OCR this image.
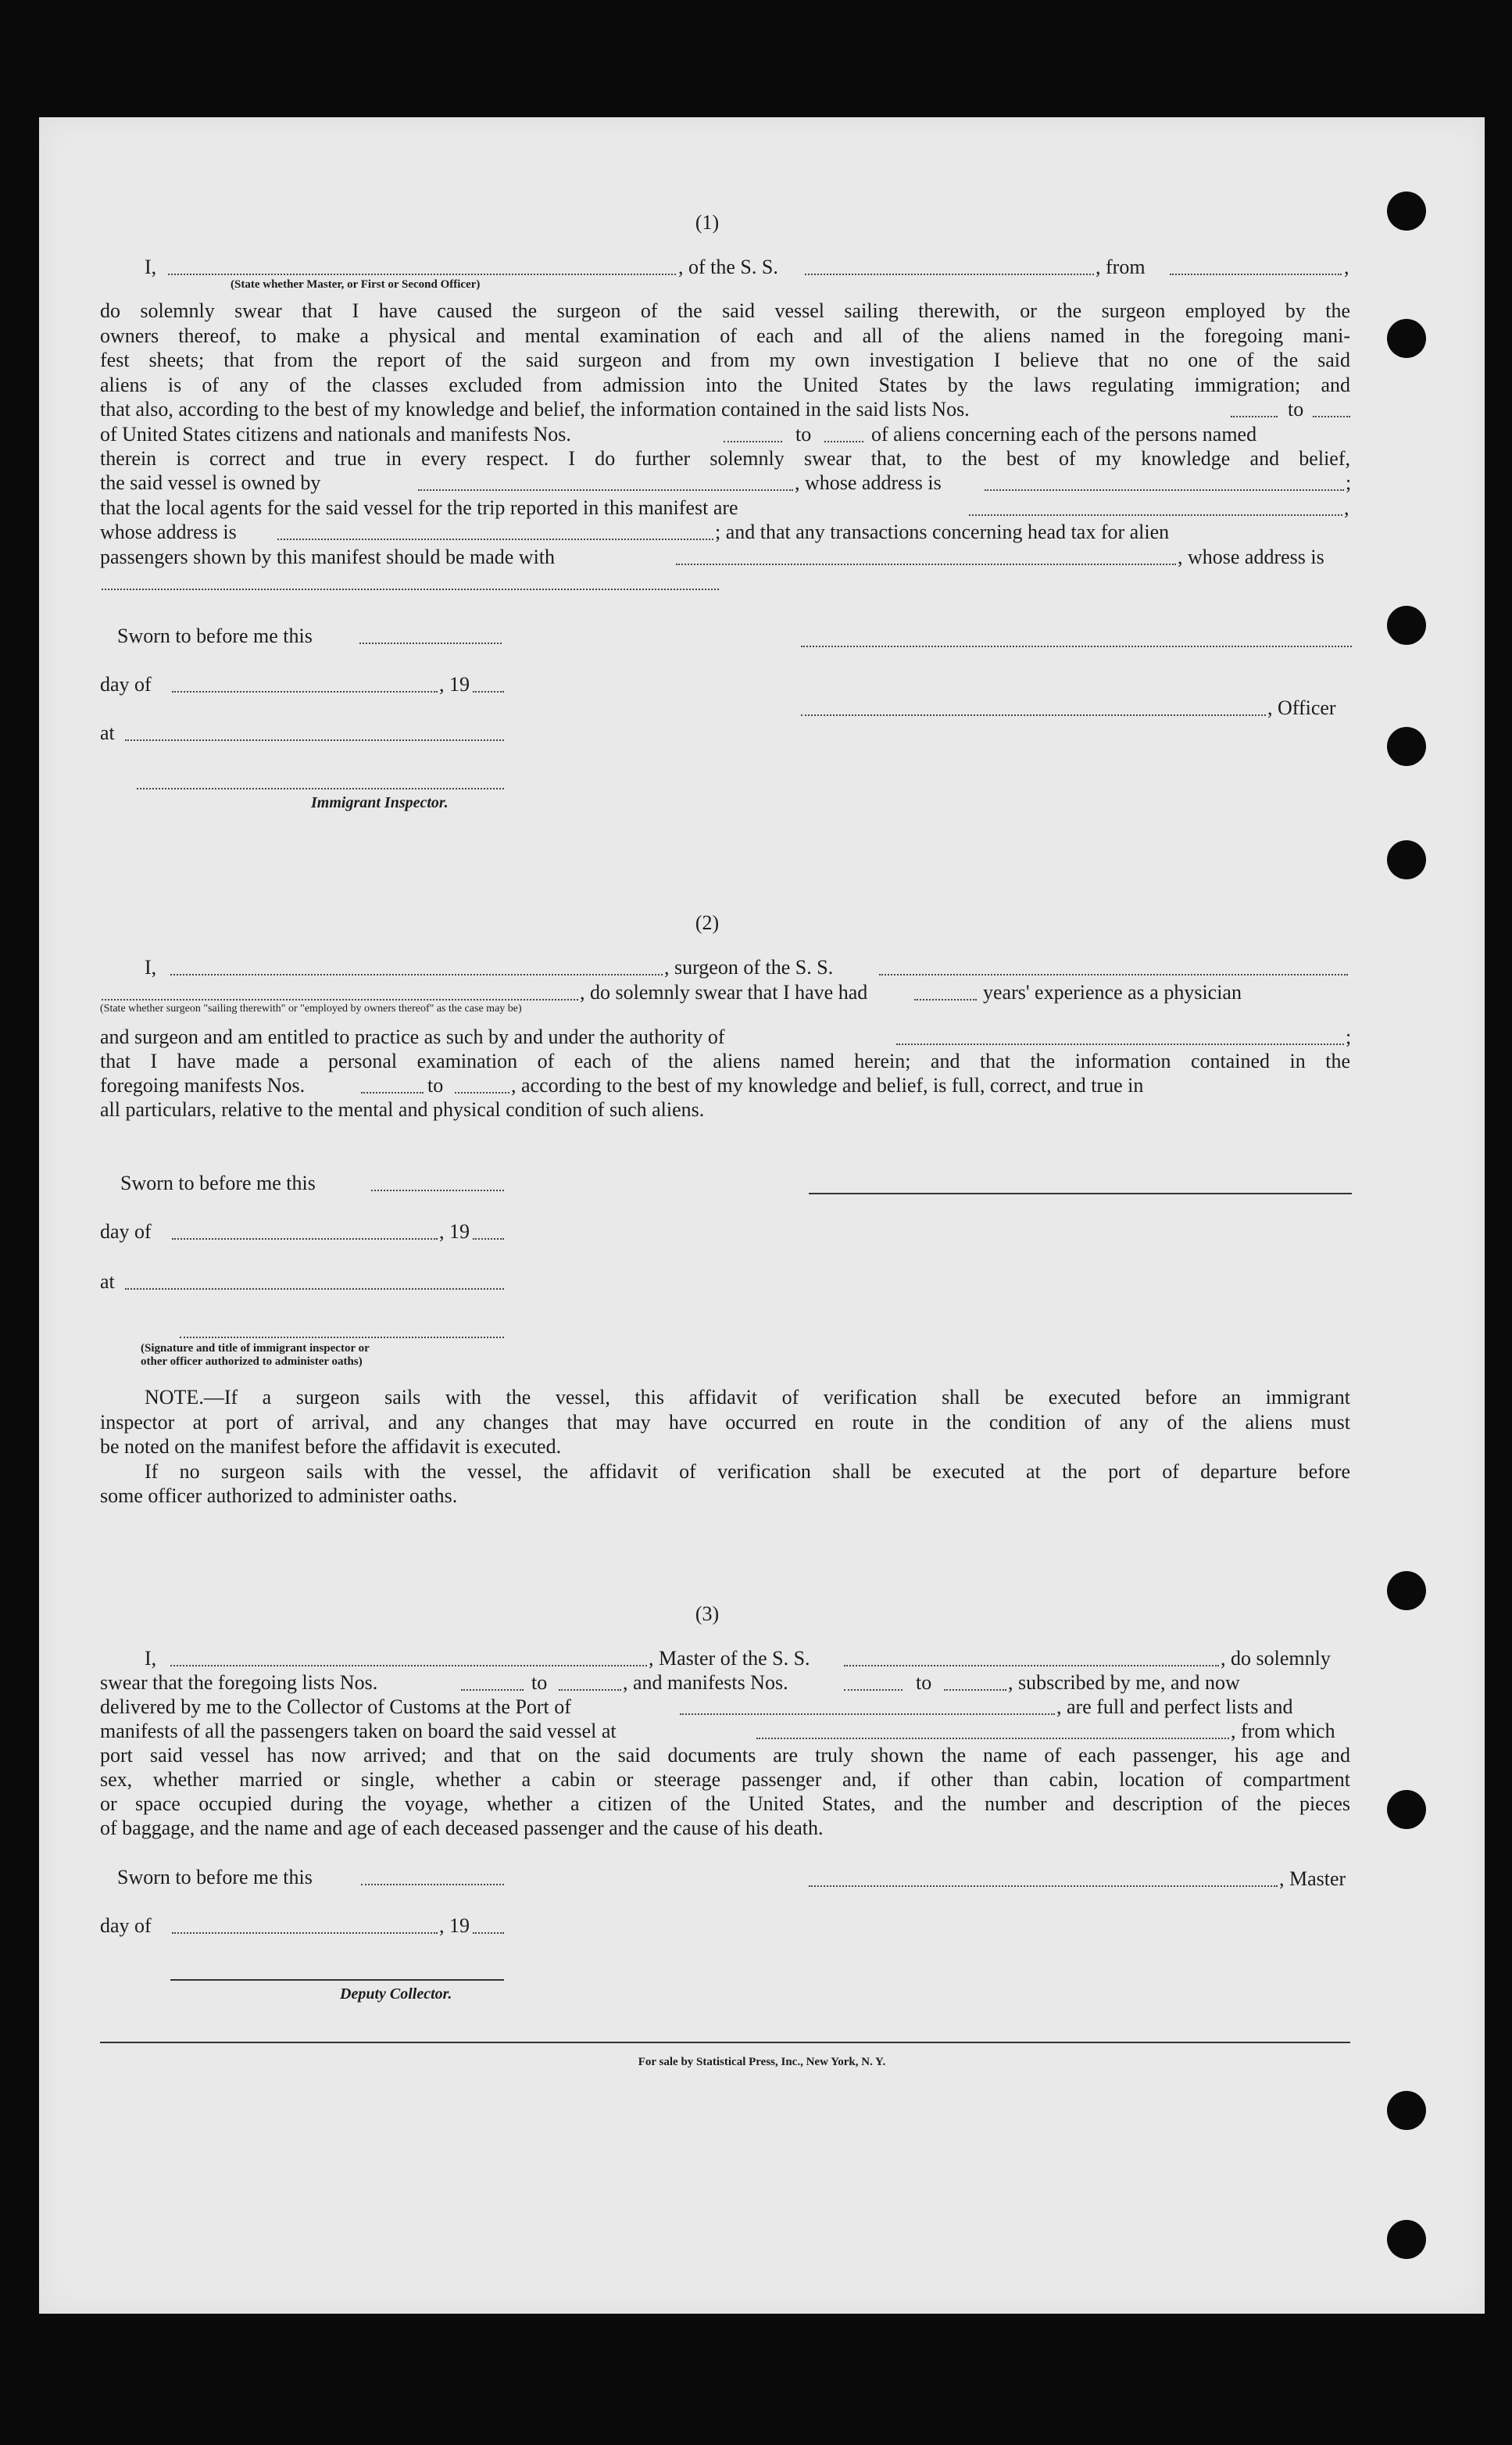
(1)
I,	, of the S. S.	, from	,
(State whether Master, or First or Second Officer)
do solemnly swear that I have caused the surgeon of the said vessel sailing therewith, or the surgeon employed by the
owners thereof, to make a physical and mental examination of each and all of the aliens named in the foregoing mani-
fest sheets; that from the report of the said surgeon and from my own investigation I believe that no one of the said
aliens is of any of the classes excluded from admission into the United States by the laws regulating immigration; and
that also, according to the best of my knowledge and belief, the information contained in the said lists Nos.	to
of United States citizens and nationals and manifests Nos.	to	of aliens concerning each of the persons named
therein is correct and true in every respect. I do further solemnly swear that, to the best of my knowledge and belief,
the said vessel is owned by	, whose address is	;
that the local agents for the said vessel for the trip reported in this manifest are	,
whose address is	; and that any transactions concerning head tax for alien
passengers shown by this manifest should be made with	, whose address is
Sworn to before me this
day of	, 19
, Officer
at
Immigrant Inspector.
(2)
I,	, surgeon of the S. S.
, do solemnly swear that I have had	years' experience as a physician
(State whether surgeon "sailing therewith" or "employed by owners thereof" as the case may be)
and surgeon and am entitled to practice as such by and under the authority of	;
that I have made a personal examination of each of the aliens named herein; and that the information contained in the
foregoing manifests Nos.	to	, according to the best of my knowledge and belief, is full, correct, and true in
all particulars, relative to the mental and physical condition of such aliens.
Sworn to before me this
day of	, 19
at
(Signature and title of immigrant inspector or
other officer authorized to administer oaths)
NOTE.—If a surgeon sails with the vessel, this affidavit of verification shall be executed before an immigrant
inspector at port of arrival, and any changes that may have occurred en route in the condition of any of the aliens must
be noted on the manifest before the affidavit is executed.
If no surgeon sails with the vessel, the affidavit of verification shall be executed at the port of departure before
some officer authorized to administer oaths.
(3)
I,	, Master of the S. S.	, do solemnly
swear that the foregoing lists Nos.	to	, and manifests Nos.	to	, subscribed by me, and now
delivered by me to the Collector of Customs at the Port of	, are full and perfect lists and
manifests of all the passengers taken on board the said vessel at	, from which
port said vessel has now arrived; and that on the said documents are truly shown the name of each passenger, his age and
sex, whether married or single, whether a cabin or steerage passenger and, if other than cabin, location of compartment
or space occupied during the voyage, whether a citizen of the United States, and the number and description of the pieces
of baggage, and the name and age of each deceased passenger and the cause of his death.
Sworn to before me this	, Master
day of	, 19
Deputy Collector.
For sale by Statistical Press, Inc., New York, N. Y.
